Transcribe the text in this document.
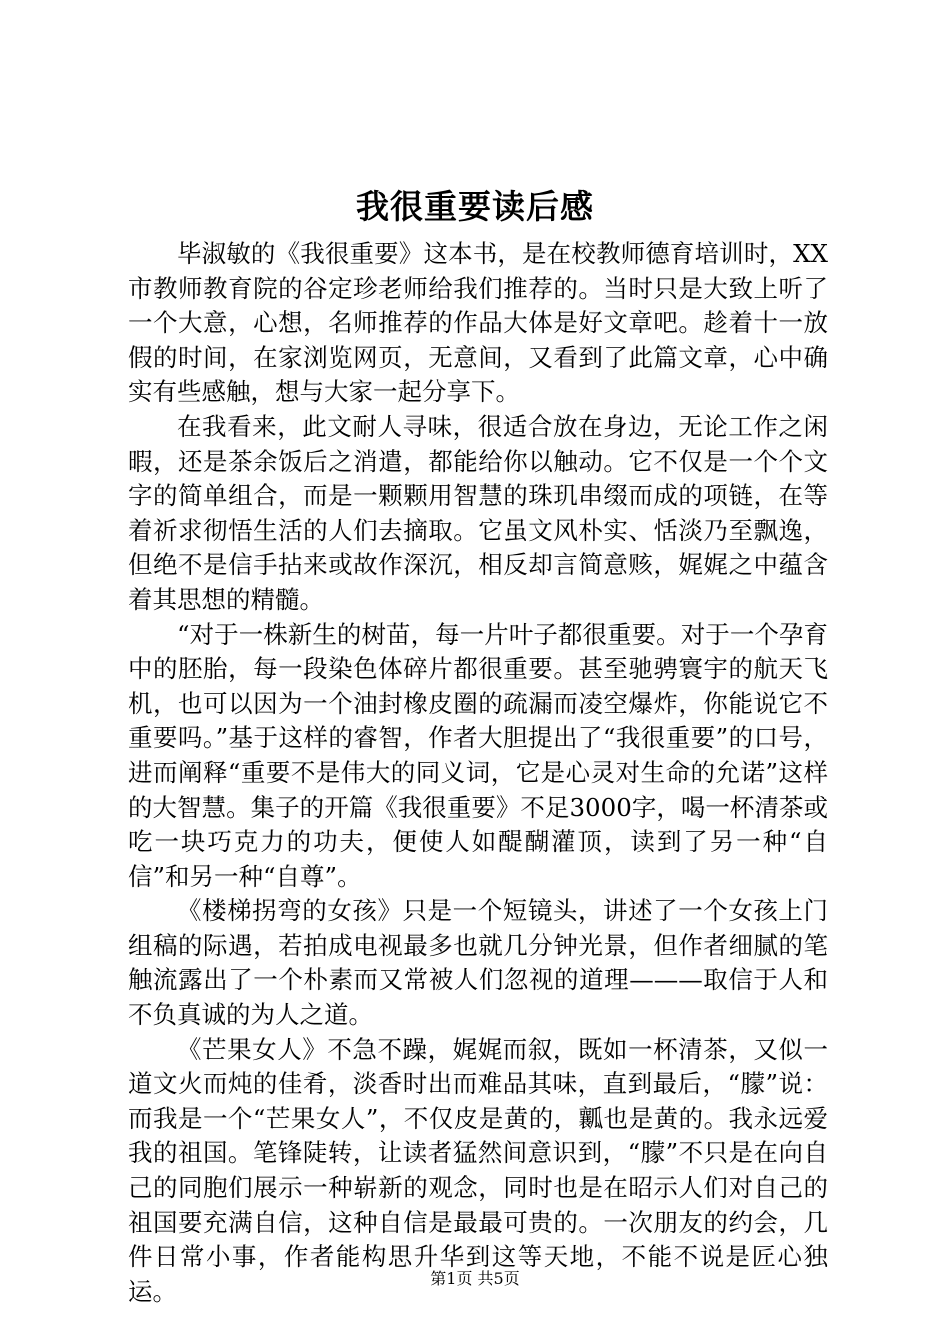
我很重要读后感

毕淑敏的《我很重要》这本书，是在校教师德育培训时，XX市教师教育院的谷定珍老师给我们推荐的。当时只是大致上听了一个大意，心想，名师推荐的作品大体是好文章吧。趁着十一放假的时间，在家浏览网页，无意间，又看到了此篇文章，心中确实有些感触，想与大家一起分享下。

在我看来，此文耐人寻味，很适合放在身边，无论工作之闲暇，还是茶余饭后之消遣，都能给你以触动。它不仅是一个个文字的简单组合，而是一颗颗用智慧的珠玑串缀而成的项链，在等着祈求彻悟生活的人们去摘取。它虽文风朴实、恬淡乃至飘逸，但绝不是信手拈来或故作深沉，相反却言简意赅，娓娓之中蕴含着其思想的精髓。

“对于一株新生的树苗，每一片叶子都很重要。对于一个孕育中的胚胎，每一段染色体碎片都很重要。甚至驰骋寰宇的航天飞机，也可以因为一个油封橡皮圈的疏漏而凌空爆炸，你能说它不重要吗。”基于这样的睿智，作者大胆提出了“我很重要”的口号，进而阐释“重要不是伟大的同义词，它是心灵对生命的允诺”这样的大智慧。集子的开篇《我很重要》不足3000字，喝一杯清茶或吃一块巧克力的功夫，便使人如醍醐灌顶，读到了另一种“自信”和另一种“自尊”。

《楼梯拐弯的女孩》只是一个短镜头，讲述了一个女孩上门组稿的际遇，若拍成电视最多也就几分钟光景，但作者细腻的笔触流露出了一个朴素而又常被人们忽视的道理———取信于人和不负真诚的为人之道。

《芒果女人》不急不躁，娓娓而叙，既如一杯清茶，又似一道文火而炖的佳肴，淡香时出而难品其味，直到最后，“朦”说：而我是一个“芒果女人”，不仅皮是黄的，瓤也是黄的。我永远爱我的祖国。笔锋陡转，让读者猛然间意识到，“朦”不只是在向自己的同胞们展示一种崭新的观念，同时也是在昭示人们对自己的祖国要充满自信，这种自信是最最可贵的。一次朋友的约会，几件日常小事，作者能构思升华到这等天地，不能不说是匠心独运。	第1页 共5页
